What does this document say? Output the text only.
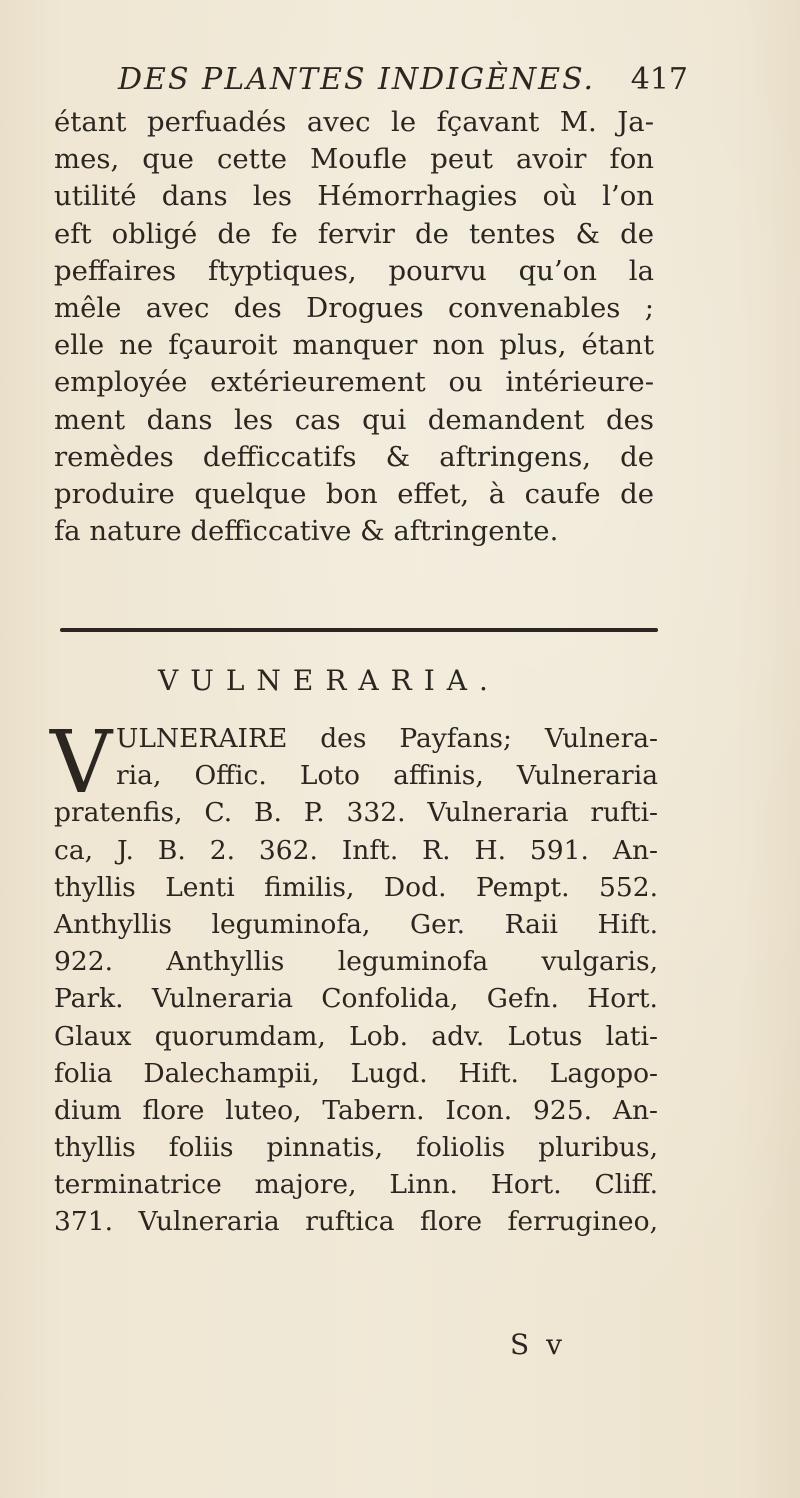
DES PLANTES INDIGÈNES. 417
étant perfuadés avec le fçavant M. Ja-
mes, que cette Moufle peut avoir fon
utilité dans les Hémorrhagies où l’on
eft obligé de fe fervir de tentes & de
peffaires ftyptiques, pourvu qu’on la
mêle avec des Drogues convenables ;
elle ne fçauroit manquer non plus, étant
employée extérieurement ou intérieure-
ment dans les cas qui demandent des
remèdes defficcatifs & aftringens, de
produire quelque bon effet, à caufe de
fa nature defficcative & aftringente.
VULNERARIA.
V ULNERAIRE des Payfans; Vulnera-
ria, Offic. Loto affinis, Vulneraria
pratenfis, C. B. P. 332. Vulneraria rufti-
ca, J. B. 2. 362. Inft. R. H. 591. An-
thyllis Lenti fimilis, Dod. Pempt. 552.
Anthyllis leguminofa, Ger. Raii Hift.
922. Anthyllis leguminofa vulgaris,
Park. Vulneraria Confolida, Gefn. Hort.
Glaux quorumdam, Lob. adv. Lotus lati-
folia Dalechampii, Lugd. Hift. Lagopo-
dium flore luteo, Tabern. Icon. 925. An-
thyllis foliis pinnatis, foliolis pluribus,
terminatrice majore, Linn. Hort. Cliff.
371. Vulneraria ruftica flore ferrugineo,
S v
